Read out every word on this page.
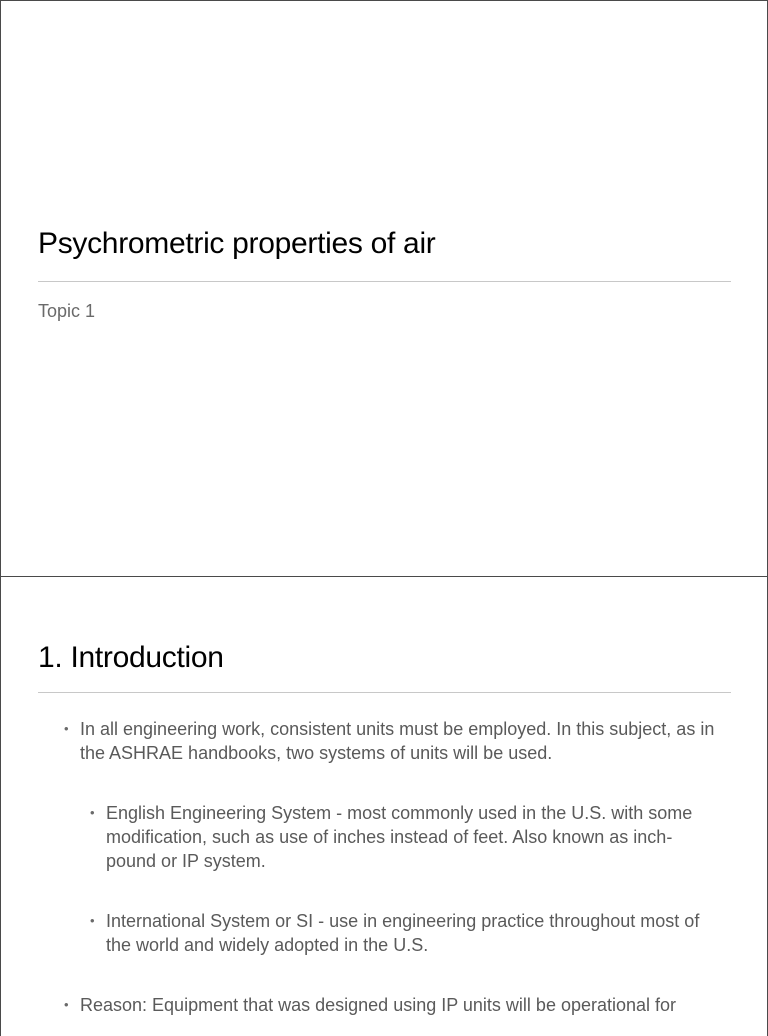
Psychrometric properties of air
Topic 1
1. Introduction
• In all engineering work, consistent units must be employed. In this subject, as in the ASHRAE handbooks, two systems of units will be used.
• English Engineering System - most commonly used in the U.S. with some modification, such as use of inches instead of feet. Also known as inch-pound or IP system.
• International System or SI - use in engineering practice throughout most of the world and widely adopted in the U.S.
• Reason: Equipment that was designed using IP units will be operational for
